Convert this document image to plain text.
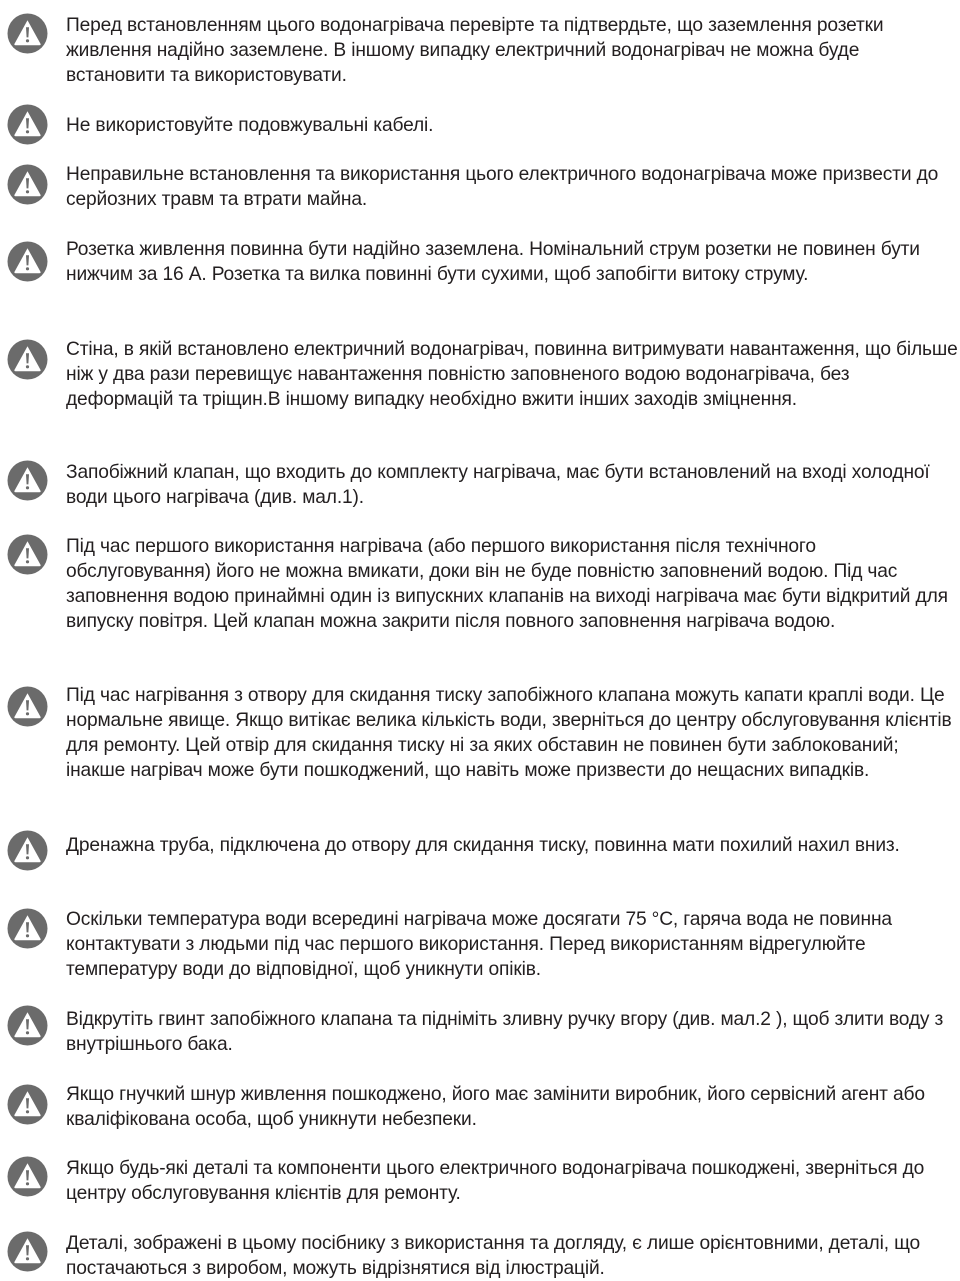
Перед встановленням цього водонагрівача перевірте та підтвердьте, що заземлення розетки живлення надійно заземлене. В іншому випадку електричний водонагрівач не можна буде встановити та використовувати.

Не використовуйте подовжувальні кабелі.

Неправильне встановлення та використання цього електричного водонагрівача може призвести до серйозних травм та втрати майна.

Розетка живлення повинна бути надійно заземлена. Номінальний струм розетки не повинен бути нижчим за 16 А. Розетка та вилка повинні бути сухими, щоб запобігти витоку струму.

Стіна, в якій встановлено електричний водонагрівач, повинна витримувати навантаження, що більше ніж у два рази перевищує навантаження повністю заповненого водою водонагрівача, без деформацій та тріщин.В іншому випадку необхідно вжити інших заходів зміцнення.

Запобіжний клапан, що входить до комплекту нагрівача, має бути встановлений на вході холодної води цього нагрівача (див. мал.1).

Під час першого використання нагрівача (або першого використання після технічного обслуговування) його не можна вмикати, доки він не буде повністю заповнений водою. Під час заповнення водою принаймні один із випускних клапанів на виході нагрівача має бути відкритий для випуску повітря. Цей клапан можна закрити після повного заповнення нагрівача водою.

Під час нагрівання з отвору для скидання тиску запобіжного клапана можуть капати краплі води. Це нормальне явище. Якщо витікає велика кількість води, зверніться до центру обслуговування клієнтів для ремонту. Цей отвір для скидання тиску ні за яких обставин не повинен бути заблокований; інакше нагрівач може бути пошкоджений, що навіть може призвести до нещасних випадків.

Дренажна труба, підключена до отвору для скидання тиску, повинна мати похилий нахил вниз.

Оскільки температура води всередині нагрівача може досягати 75 °C, гаряча вода не повинна контактувати з людьми під час першого використання. Перед використанням відрегулюйте температуру води до відповідної, щоб уникнути опіків.

Відкрутіть гвинт запобіжного клапана та підніміть зливну ручку вгору (див. мал.2 ), щоб злити воду з внутрішнього бака.

Якщо гнучкий шнур живлення пошкоджено, його має замінити виробник, його сервісний агент або кваліфікована особа, щоб уникнути небезпеки.

Якщо будь-які деталі та компоненти цього електричного водонагрівача пошкоджені, зверніться до центру обслуговування клієнтів для ремонту.

Деталі, зображені в цьому посібнику з використання та догляду, є лише орієнтовними, деталі, що постачаються з виробом, можуть відрізнятися від ілюстрацій.
